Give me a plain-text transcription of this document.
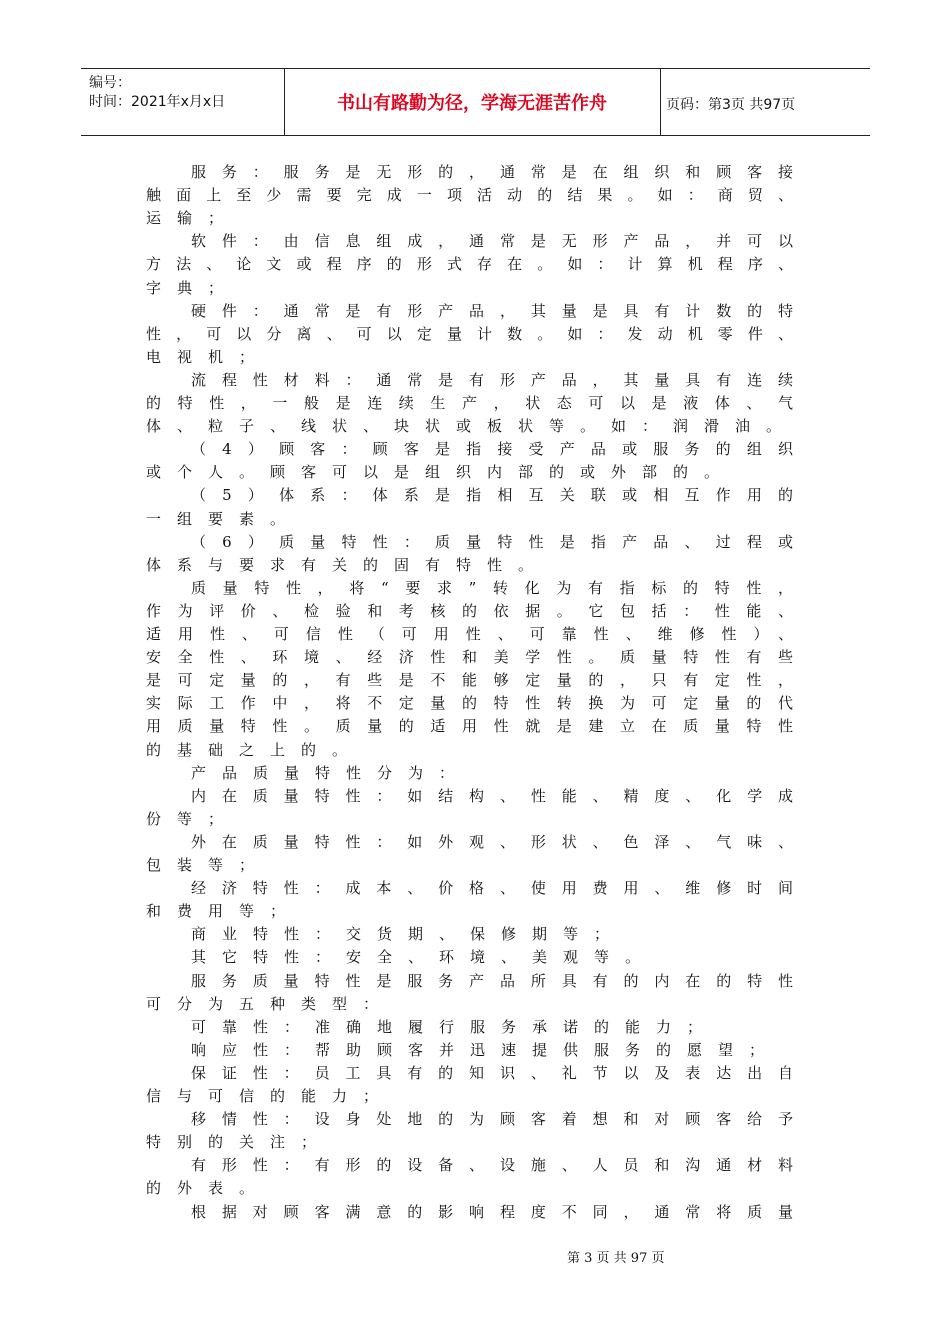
编号：
时间：2021年x月x日	书山有路勤为径，学海无涯苦作舟	页码：第3页 共97页
服务：服务是无形的，通常是在组织和顾客接
触面上至少需要完成一项活动的结果。如：商贸、
运输；
软件：由信息组成，通常是无形产品，并可以
方法、论文或程序的形式存在。如：计算机程序、
字典；
硬件：通常是有形产品，其量是具有计数的特
性，可以分离、可以定量计数。如：发动机零件、
电视机；
流程性材料：通常是有形产品，其量具有连续
的特性，一般是连续生产，状态可以是液体、气
体、粒子、线状、块状或板状等。如：润滑油。
（4）顾客：顾客是指接受产品或服务的组织
或个人。顾客可以是组织内部的或外部的。
（5）体系：体系是指相互关联或相互作用的
一组要素。
（6）质量特性：质量特性是指产品、过程或
体系与要求有关的固有特性。
质量特性，将“要求”转化为有指标的特性，
作为评价、检验和考核的依据。它包括：性能、
适用性、可信性（可用性、可靠性、维修性）、
安全性、环境、经济性和美学性。质量特性有些
是可定量的，有些是不能够定量的，只有定性，
实际工作中，将不定量的特性转换为可定量的代
用质量特性。质量的适用性就是建立在质量特性
的基础之上的。
产品质量特性分为：
内在质量特性：如结构、性能、精度、化学成
份等；
外在质量特性：如外观、形状、色泽、气味、
包装等；
经济特性：成本、价格、使用费用、维修时间
和费用等；
商业特性：交货期、保修期等；
其它特性：安全、环境、美观等。
服务质量特性是服务产品所具有的内在的特性
可分为五种类型：
可靠性：准确地履行服务承诺的能力；
响应性：帮助顾客并迅速提供服务的愿望；
保证性：员工具有的知识、礼节以及表达出自
信与可信的能力；
移情性：设身处地的为顾客着想和对顾客给予
特别的关注；
有形性：有形的设备、设施、人员和沟通材料
的外表。
根据对顾客满意的影响程度不同，通常将质量
第 3 页 共 97 页
